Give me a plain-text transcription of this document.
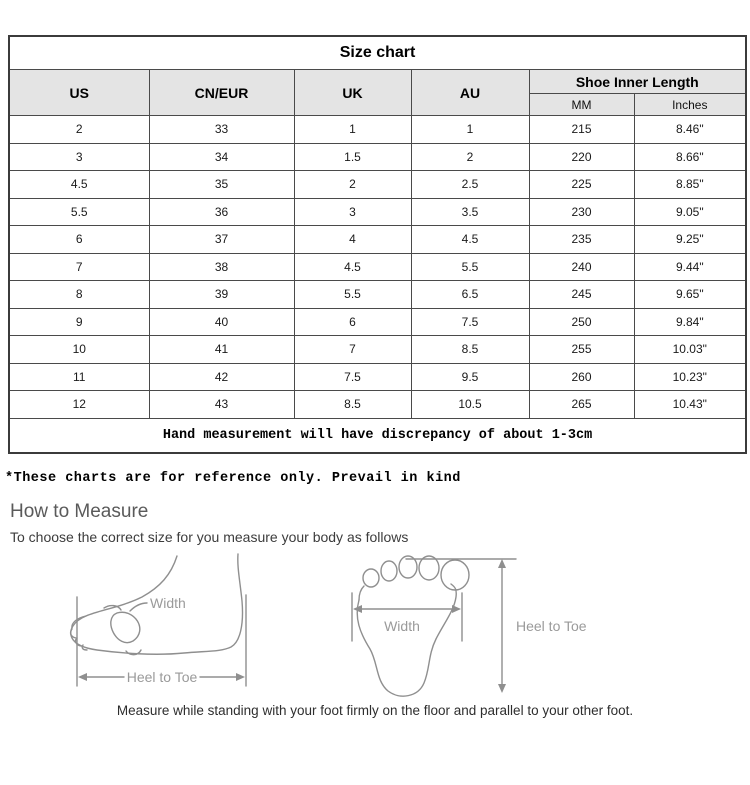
Size chart					
US	CN/EUR	UK	AU	Shoe Inner Length	
				MM	Inches
2	33	1	1	215	8.46"
3	34	1.5	2	220	8.66"
4.5	35	2	2.5	225	8.85"
5.5	36	3	3.5	230	9.05"
6	37	4	4.5	235	9.25"
7	38	4.5	5.5	240	9.44"
8	39	5.5	6.5	245	9.65"
9	40	6	7.5	250	9.84"
10	41	7	8.5	255	10.03"
11	42	7.5	9.5	260	10.23"
12	43	8.5	10.5	265	10.43"
Hand measurement will have discrepancy of about 1-3cm					

*These charts are for reference only. Prevail in kind

How to Measure

To choose the correct size for you measure your body as follows

Width
Heel to Toe
Width	Heel to Toe

Measure while standing with your foot firmly on the floor and parallel to your other foot.
